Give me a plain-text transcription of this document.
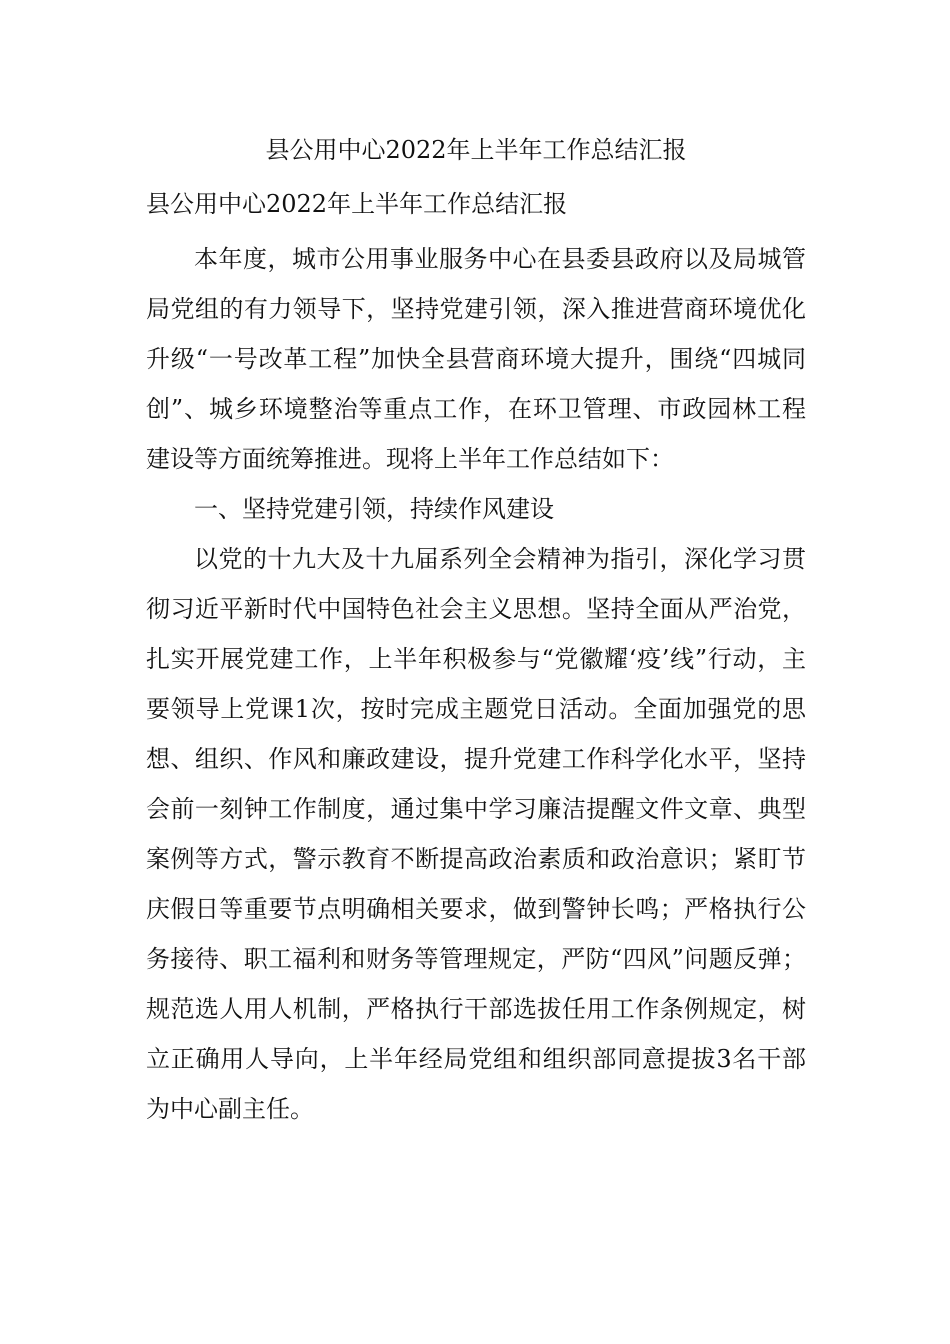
县公用中心2022年上半年工作总结汇报
县公用中心2022年上半年工作总结汇报

本年度，城市公用事业服务中心在县委县政府以及局城管局党组的有力领导下，坚持党建引领，深入推进营商环境优化升级“一号改革工程”加快全县营商环境大提升，围绕“四城同创”、城乡环境整治等重点工作，在环卫管理、市政园林工程建设等方面统筹推进。现将上半年工作总结如下：

一、坚持党建引领，持续作风建设

以党的十九大及十九届系列全会精神为指引，深化学习贯彻习近平新时代中国特色社会主义思想。坚持全面从严治党，扎实开展党建工作，上半年积极参与“党徽耀‘疫’线”行动，主要领导上党课1次，按时完成主题党日活动。全面加强党的思想、组织、作风和廉政建设，提升党建工作科学化水平，坚持会前一刻钟工作制度，通过集中学习廉洁提醒文件文章、典型案例等方式，警示教育不断提高政治素质和政治意识；紧盯节庆假日等重要节点明确相关要求，做到警钟长鸣；严格执行公务接待、职工福利和财务等管理规定，严防“四风”问题反弹；规范选人用人机制，严格执行干部选拔任用工作条例规定，树立正确用人导向，上半年经局党组和组织部同意提拔3名干部为中心副主任。
